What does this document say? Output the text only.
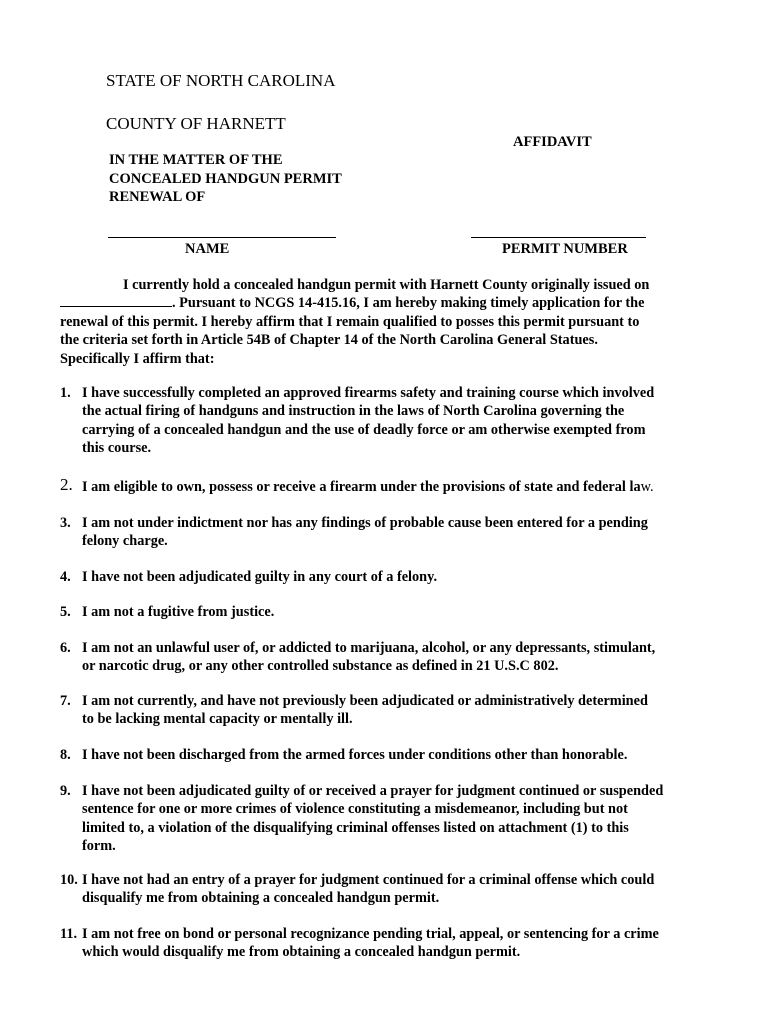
STATE OF NORTH CAROLINA
COUNTY OF HARNETT
AFFIDAVIT
IN THE MATTER OF THE
CONCEALED HANDGUN PERMIT
RENEWAL OF
NAME	PERMIT NUMBER
I currently hold a concealed handgun permit with Harnett County originally issued on
. Pursuant to NCGS 14-415.16, I am hereby making timely application for the
renewal of this permit. I hereby affirm that I remain qualified to posses this permit pursuant to
the criteria set forth in Article 54B of Chapter 14 of the North Carolina General Statues.
Specifically I affirm that:
1. I have successfully completed an approved firearms safety and training course which involved
the actual firing of handguns and instruction in the laws of North Carolina governing the
carrying of a concealed handgun and the use of deadly force or am otherwise exempted from
this course.
2. I am eligible to own, possess or receive a firearm under the provisions of state and federal law.
3. I am not under indictment nor has any findings of probable cause been entered for a pending
felony charge.
4. I have not been adjudicated guilty in any court of a felony.
5. I am not a fugitive from justice.
6. I am not an unlawful user of, or addicted to marijuana, alcohol, or any depressants, stimulant,
or narcotic drug, or any other controlled substance as defined in 21 U.S.C 802.
7. I am not currently, and have not previously been adjudicated or administratively determined
to be lacking mental capacity or mentally ill.
8. I have not been discharged from the armed forces under conditions other than honorable.
9. I have not been adjudicated guilty of or received a prayer for judgment continued or suspended
sentence for one or more crimes of violence constituting a misdemeanor, including but not
limited to, a violation of the disqualifying criminal offenses listed on attachment (1) to this
form.
10. I have not had an entry of a prayer for judgment continued for a criminal offense which could
disqualify me from obtaining a concealed handgun permit.
11. I am not free on bond or personal recognizance pending trial, appeal, or sentencing for a crime
which would disqualify me from obtaining a concealed handgun permit.
